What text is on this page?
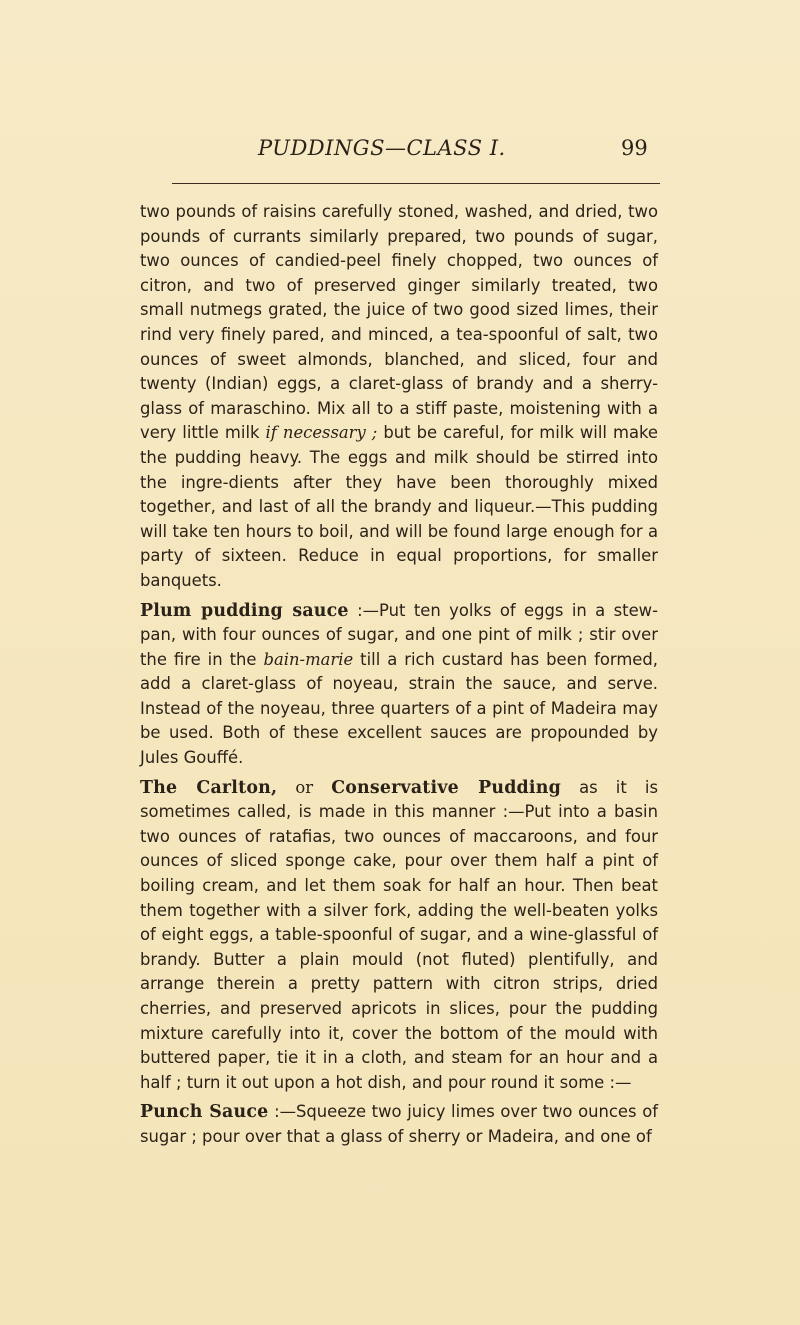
PUDDINGS—CLASS I.	99

two pounds of raisins carefully stoned, washed, and dried, two pounds of currants similarly prepared, two pounds of sugar, two ounces of candied-peel finely chopped, two ounces of citron, and two of preserved ginger similarly treated, two small nutmegs grated, the juice of two good sized limes, their rind very finely pared, and minced, a tea-spoonful of salt, two ounces of sweet almonds, blanched, and sliced, four and twenty (Indian) eggs, a claret-glass of brandy and a sherry-glass of maraschino. Mix all to a stiff paste, moistening with a very little milk if necessary ; but be careful, for milk will make the pudding heavy. The eggs and milk should be stirred into the ingre-dients after they have been thoroughly mixed together, and last of all the brandy and liqueur.—This pudding will take ten hours to boil, and will be found large enough for a party of sixteen. Reduce in equal proportions, for smaller banquets.

Plum pudding sauce :—Put ten yolks of eggs in a stew-pan, with four ounces of sugar, and one pint of milk ; stir over the fire in the bain-marie till a rich custard has been formed, add a claret-glass of noyeau, strain the sauce, and serve. Instead of the noyeau, three quarters of a pint of Madeira may be used. Both of these excellent sauces are propounded by Jules Gouffé.

The Carlton, or Conservative Pudding as it is sometimes called, is made in this manner :—Put into a basin two ounces of ratafias, two ounces of maccaroons, and four ounces of sliced sponge cake, pour over them half a pint of boiling cream, and let them soak for half an hour. Then beat them together with a silver fork, adding the well-beaten yolks of eight eggs, a table-spoonful of sugar, and a wine-glassful of brandy. Butter a plain mould (not fluted) plentifully, and arrange therein a pretty pattern with citron strips, dried cherries, and preserved apricots in slices, pour the pudding mixture carefully into it, cover the bottom of the mould with buttered paper, tie it in a cloth, and steam for an hour and a half ; turn it out upon a hot dish, and pour round it some :—

Punch Sauce :—Squeeze two juicy limes over two ounces of sugar ; pour over that a glass of sherry or Madeira, and one of
